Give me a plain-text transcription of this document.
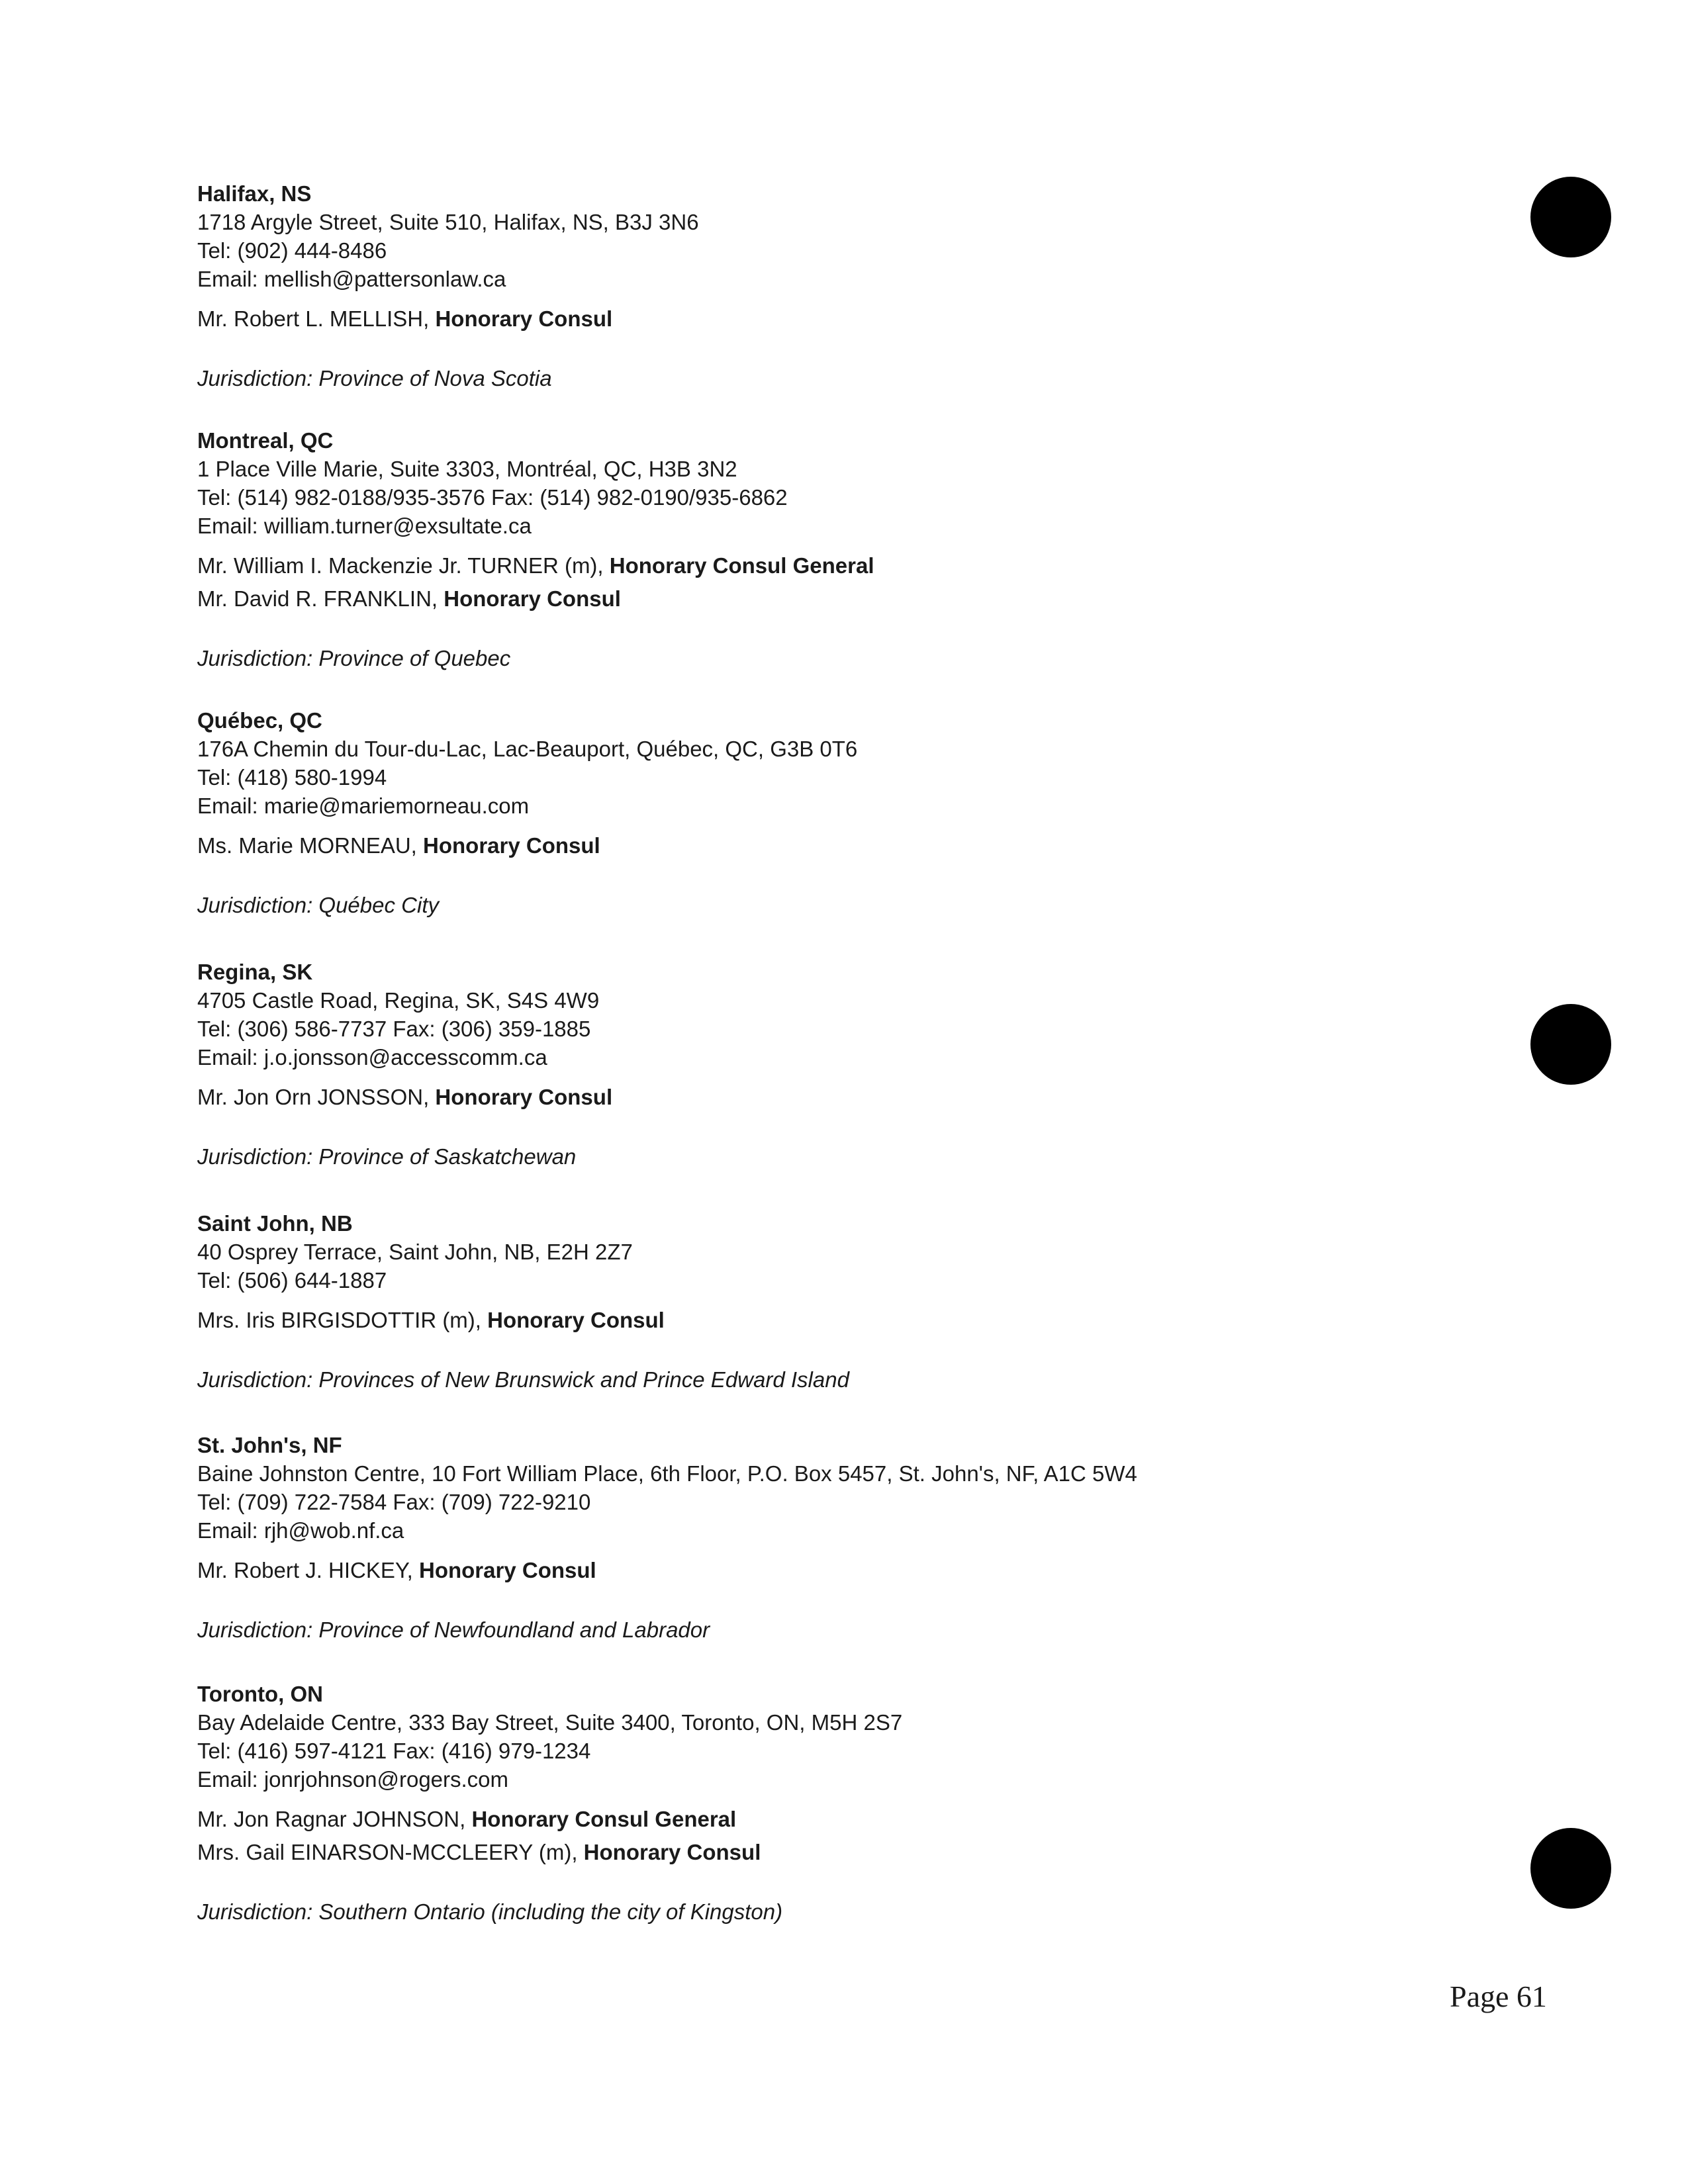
Halifax, NS

1718 Argyle Street, Suite 510, Halifax, NS, B3J 3N6

Tel: (902) 444-8486

Email: mellish@pattersonlaw.ca

Mr. Robert L. MELLISH, Honorary Consul

Jurisdiction: Province of Nova Scotia

Montreal, QC

1 Place Ville Marie, Suite 3303, Montréal, QC, H3B 3N2

Tel: (514) 982-0188/935-3576 Fax: (514) 982-0190/935-6862

Email: william.turner@exsultate.ca

Mr. William I. Mackenzie Jr. TURNER (m), Honorary Consul General

Mr. David R. FRANKLIN, Honorary Consul

Jurisdiction: Province of Quebec

Québec, QC

176A Chemin du Tour-du-Lac, Lac-Beauport, Québec, QC, G3B 0T6

Tel: (418) 580-1994

Email: marie@mariemorneau.com

Ms. Marie MORNEAU, Honorary Consul

Jurisdiction: Québec City

Regina, SK

4705 Castle Road, Regina, SK, S4S 4W9

Tel: (306) 586-7737 Fax: (306) 359-1885

Email: j.o.jonsson@accesscomm.ca

Mr. Jon Orn JONSSON, Honorary Consul

Jurisdiction: Province of Saskatchewan

Saint John, NB

40 Osprey Terrace, Saint John, NB, E2H 2Z7

Tel: (506) 644-1887

Mrs. Iris BIRGISDOTTIR (m), Honorary Consul

Jurisdiction: Provinces of New Brunswick and Prince Edward Island

St. John's, NF

Baine Johnston Centre, 10 Fort William Place, 6th Floor, P.O. Box 5457, St. John's, NF, A1C 5W4

Tel: (709) 722-7584 Fax: (709) 722-9210

Email: rjh@wob.nf.ca

Mr. Robert J. HICKEY, Honorary Consul

Jurisdiction: Province of Newfoundland and Labrador

Toronto, ON

Bay Adelaide Centre, 333 Bay Street, Suite 3400, Toronto, ON, M5H 2S7

Tel: (416) 597-4121 Fax: (416) 979-1234

Email: jonrjohnson@rogers.com

Mr. Jon Ragnar JOHNSON, Honorary Consul General

Mrs. Gail EINARSON-MCCLEERY (m), Honorary Consul

Jurisdiction: Southern Ontario (including the city of Kingston)

Page 61
